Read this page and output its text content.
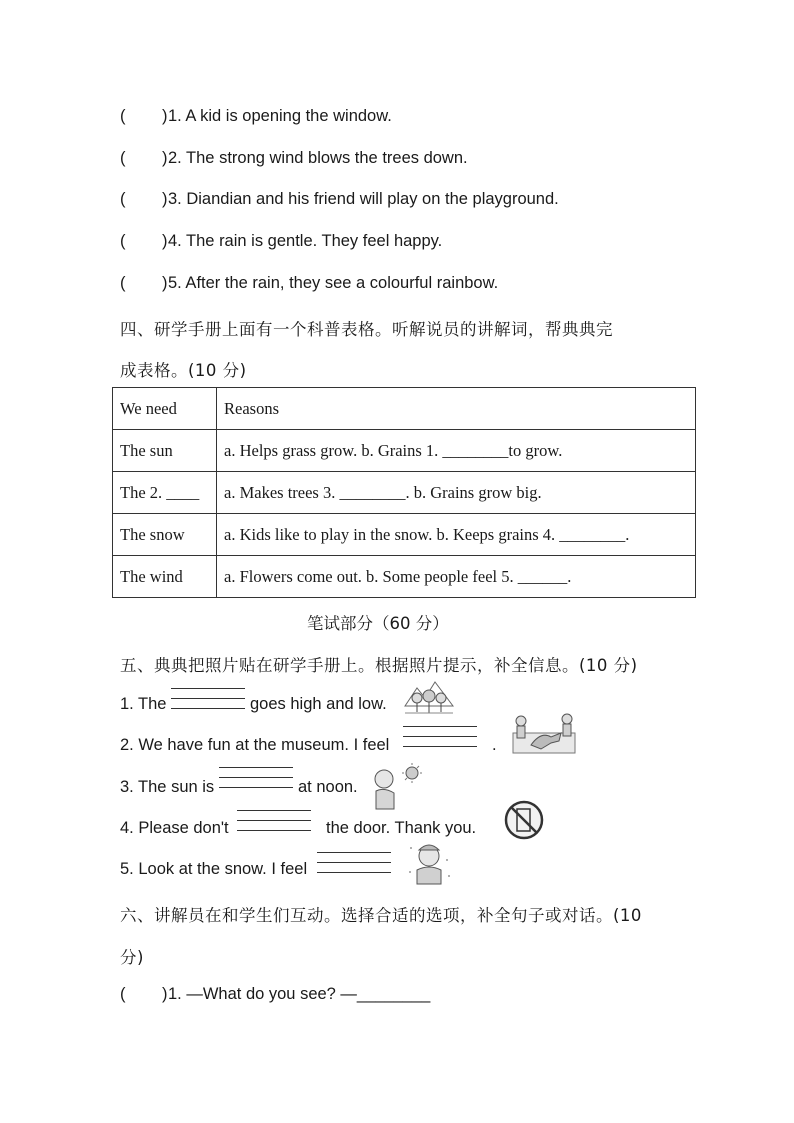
( ) 1. A kid is opening the window.
( ) 2. The strong wind blows the trees down.
( ) 3. Diandian and his friend will play on the playground.
( ) 4. The rain is gentle. They feel happy.
( ) 5. After the rain, they see a colourful rainbow.
四、研学手册上面有一个科普表格。听解说员的讲解词，帮典典完
成表格。(10 分)
We need	Reasons
The sun	a. Helps grass grow. b. Grains 1. ________to grow.
The 2. ____	a. Makes trees 3. ________. b. Grains grow big.
The snow	a. Kids like to play in the snow. b. Keeps grains 4. ________.
The wind	a. Flowers come out. b. Some people feel 5. ______.
笔试部分（60 分）
五、典典把照片贴在研学手册上。根据照片提示，补全信息。(10 分)
1. The	goes high and low.
2. We have fun at the museum. I feel	.
3. The sun is	at noon.
4. Please don't	the door. Thank you.
5. Look at the snow. I feel
六、讲解员在和学生们互动。选择合适的选项，补全句子或对话。(10
分)
( ) 1. —What do you see? —________
